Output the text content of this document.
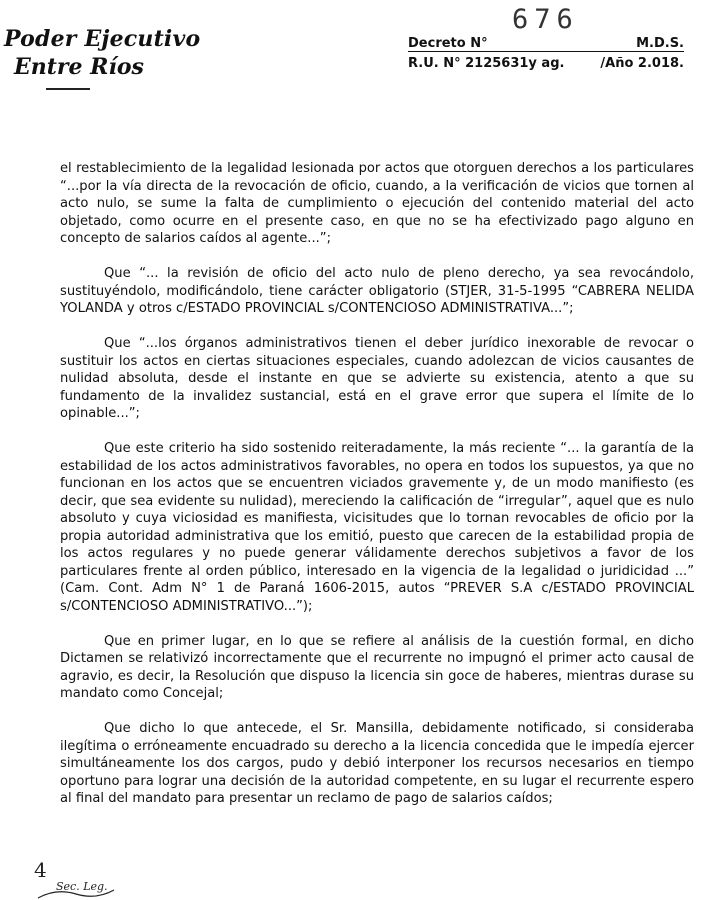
Poder Ejecutivo
Entre Ríos
676
Decreto N°	M.D.S.
R.U. N° 2125631y ag.	/Año 2.018.

el restablecimiento de la legalidad lesionada por actos que otorguen derechos a los particulares “...por la vía directa de la revocación de oficio, cuando, a la verificación de vicios que tornen al acto nulo, se sume la falta de cumplimiento o ejecución del contenido material del acto objetado, como ocurre en el presente caso, en que no se ha efectivizado pago alguno en concepto de salarios caídos al agente...”;

Que “... la revisión de oficio del acto nulo de pleno derecho, ya sea revocándolo, sustituyéndolo, modificándolo, tiene carácter obligatorio (STJER, 31-5-1995 “CABRERA NELIDA YOLANDA y otros c/ESTADO PROVINCIAL s/CONTENCIOSO ADMINISTRATIVA...”;

Que “...los órganos administrativos tienen el deber jurídico inexorable de revocar o sustituir los actos en ciertas situaciones especiales, cuando adolezcan de vicios causantes de nulidad absoluta, desde el instante en que se advierte su existencia, atento a que su fundamento de la invalidez sustancial, está en el grave error que supera el límite de lo opinable...”;

Que este criterio ha sido sostenido reiteradamente, la más reciente “... la garantía de la estabilidad de los actos administrativos favorables, no opera en todos los supuestos, ya que no funcionan en los actos que se encuentren viciados gravemente y, de un modo manifiesto (es decir, que sea evidente su nulidad), mereciendo la calificación de “irregular”, aquel que es nulo absoluto y cuya viciosidad es manifiesta, vicisitudes que lo tornan revocables de oficio por la propia autoridad administrativa que los emitió, puesto que carecen de la estabilidad propia de los actos regulares y no puede generar válidamente derechos subjetivos a favor de los particulares frente al orden público, interesado en la vigencia de la legalidad o juridicidad ...” (Cam. Cont. Adm N° 1 de Paraná 1606-2015, autos “PREVER S.A c/ESTADO PROVINCIAL s/CONTENCIOSO ADMINISTRATIVO...”);

Que en primer lugar, en lo que se refiere al análisis de la cuestión formal, en dicho Dictamen se relativizó incorrectamente que el recurrente no impugnó el primer acto causal de agravio, es decir, la Resolución que dispuso la licencia sin goce de haberes, mientras durase su mandato como Concejal;

Que dicho lo que antecede, el Sr. Mansilla, debidamente notificado, si consideraba ilegítima o erróneamente encuadrado su derecho a la licencia concedida que le impedía ejercer simultáneamente los dos cargos, pudo y debió interponer los recursos necesarios en tiempo oportuno para lograr una decisión de la autoridad competente, en su lugar el recurrente espero al final del mandato para presentar un reclamo de pago de salarios caídos;

4
Sec. Leg.
